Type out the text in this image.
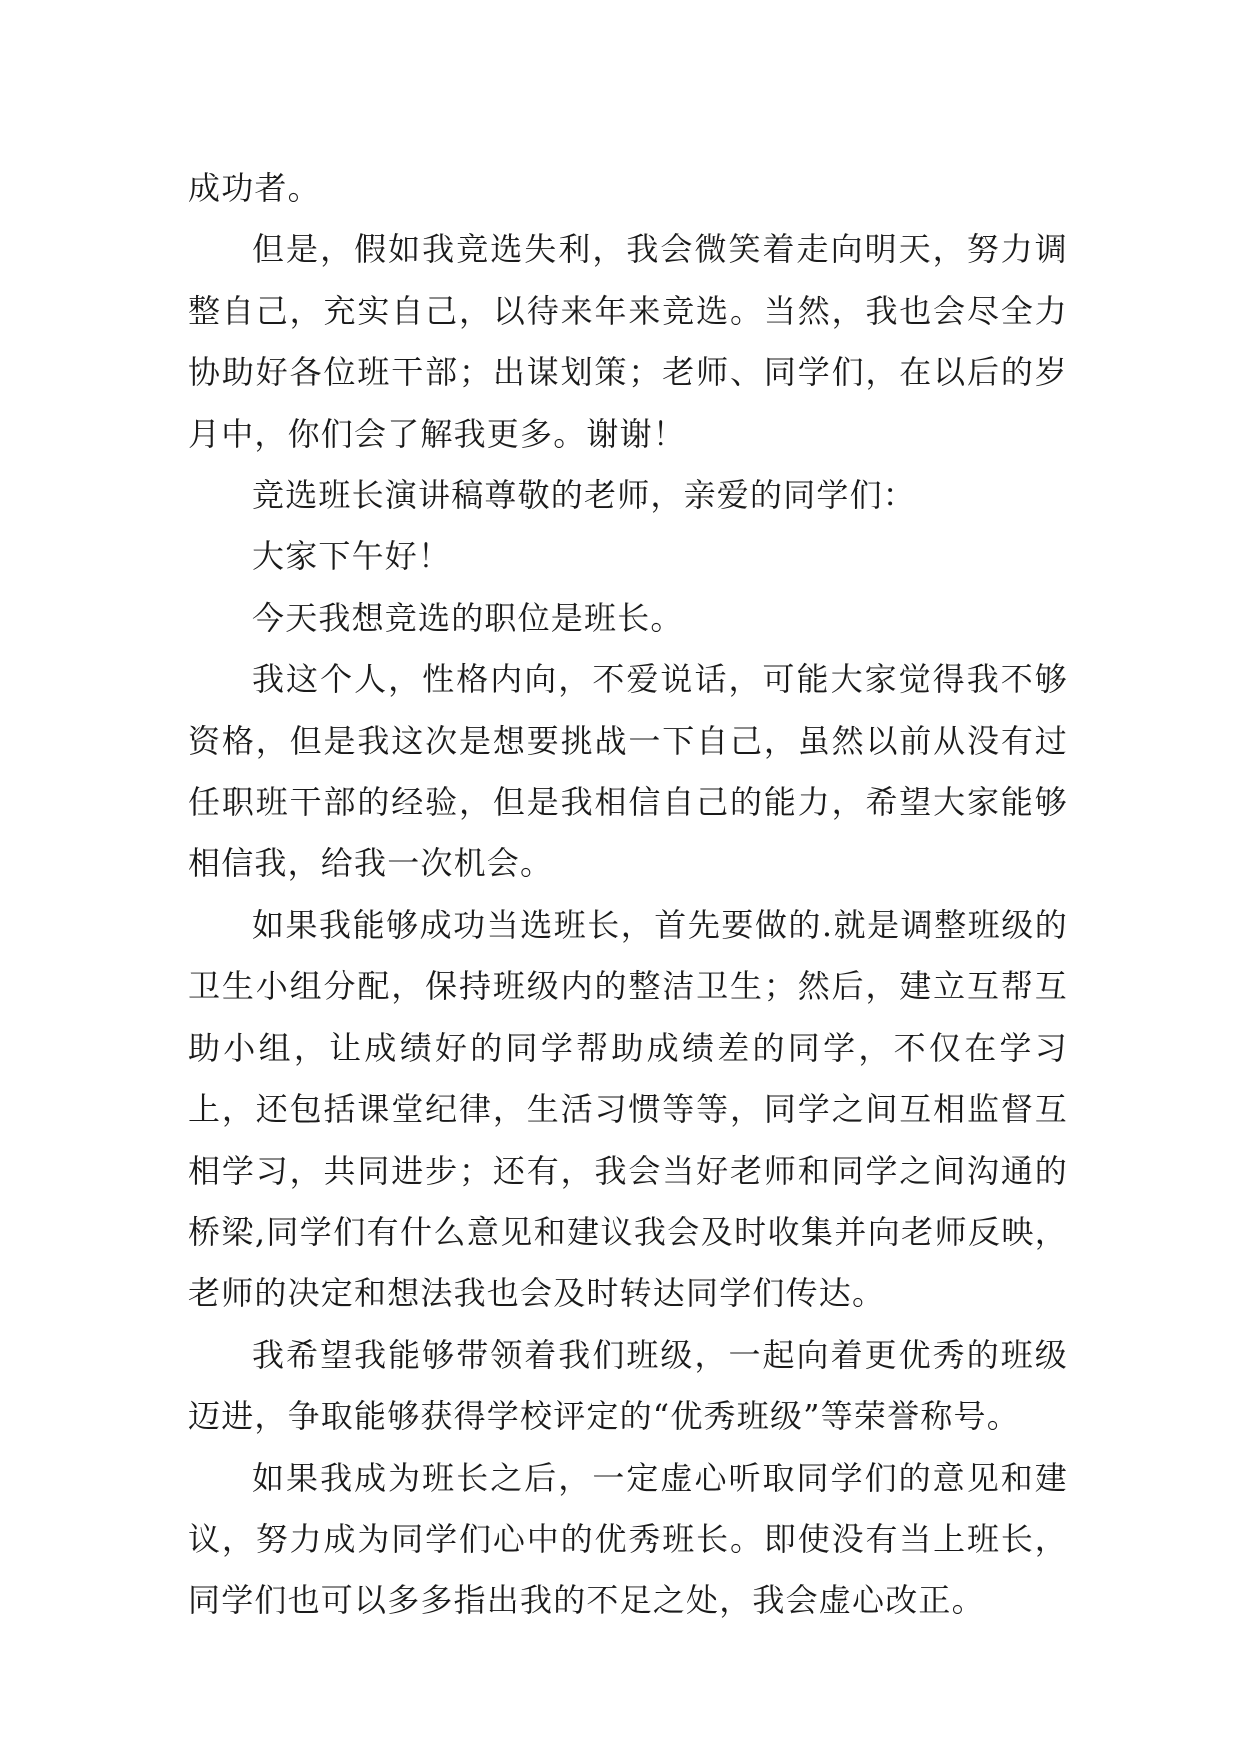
成功者。

但是，假如我竞选失利，我会微笑着走向明天，努力调整自己，充实自己，以待来年来竞选。当然，我也会尽全力协助好各位班干部；出谋划策；老师、同学们，在以后的岁月中，你们会了解我更多。谢谢！

竞选班长演讲稿尊敬的老师，亲爱的同学们：

大家下午好！

今天我想竞选的职位是班长。

我这个人，性格内向，不爱说话，可能大家觉得我不够资格，但是我这次是想要挑战一下自己，虽然以前从没有过任职班干部的经验，但是我相信自己的能力，希望大家能够相信我，给我一次机会。

如果我能够成功当选班长，首先要做的.就是调整班级的卫生小组分配，保持班级内的整洁卫生；然后，建立互帮互助小组，让成绩好的同学帮助成绩差的同学，不仅在学习上，还包括课堂纪律，生活习惯等等，同学之间互相监督互相学习，共同进步；还有，我会当好老师和同学之间沟通的桥梁,同学们有什么意见和建议我会及时收集并向老师反映，老师的决定和想法我也会及时转达同学们传达。

我希望我能够带领着我们班级，一起向着更优秀的班级迈进，争取能够获得学校评定的“优秀班级”等荣誉称号。

如果我成为班长之后，一定虚心听取同学们的意见和建议，努力成为同学们心中的优秀班长。即使没有当上班长，同学们也可以多多指出我的不足之处，我会虚心改正。
